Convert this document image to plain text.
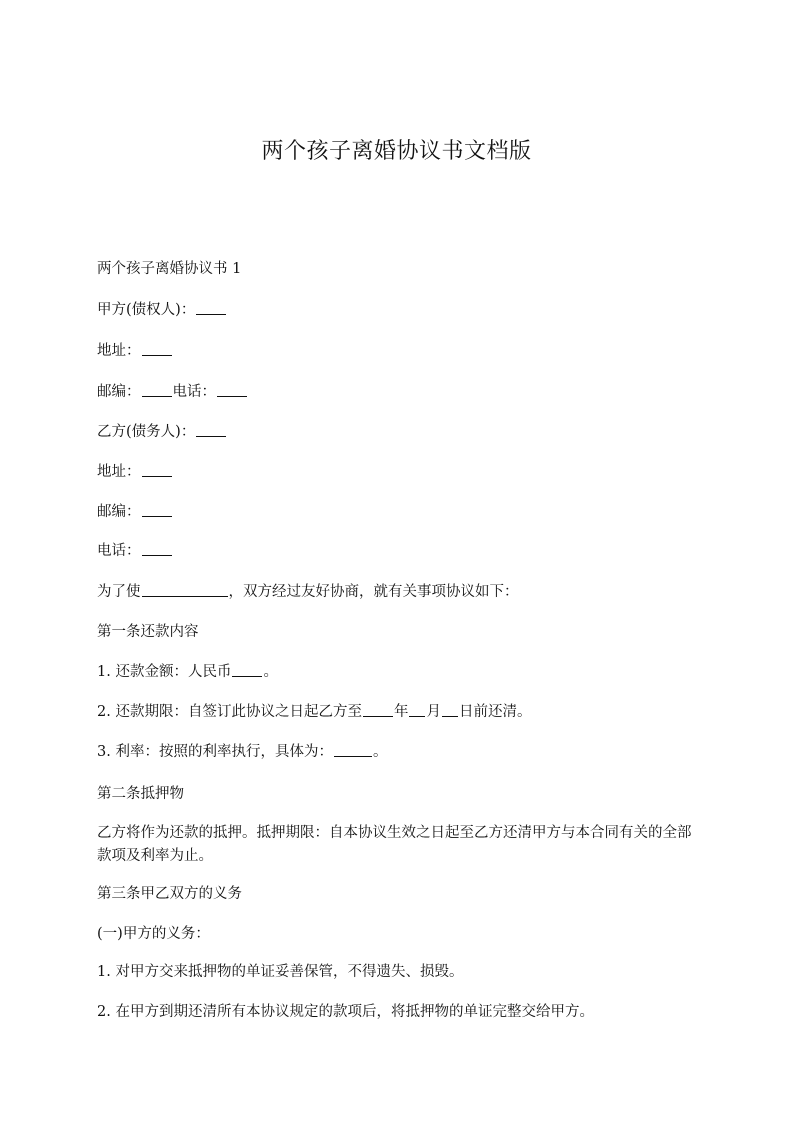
两个孩子离婚协议书文档版
两个孩子离婚协议书 1
甲方(债权人)：
地址：
邮编： 电话：
乙方(债务人)：
地址：
邮编：
电话：
为了使	，双方经过友好协商，就有关事项协议如下：
第一条还款内容
1. 还款金额：人民币 。
2. 还款期限：自签订此协议之日起乙方至 年 月 日前还清。
3. 利率：按照的利率执行，具体为：	。
第二条抵押物
乙方将作为还款的抵押。抵押期限：自本协议生效之日起至乙方还清甲方与本合同有关的全部款项及利率为止。
第三条甲乙双方的义务
(一)甲方的义务：
1. 对甲方交来抵押物的单证妥善保管，不得遗失、损毁。
2. 在甲方到期还清所有本协议规定的款项后，将抵押物的单证完整交给甲方。
